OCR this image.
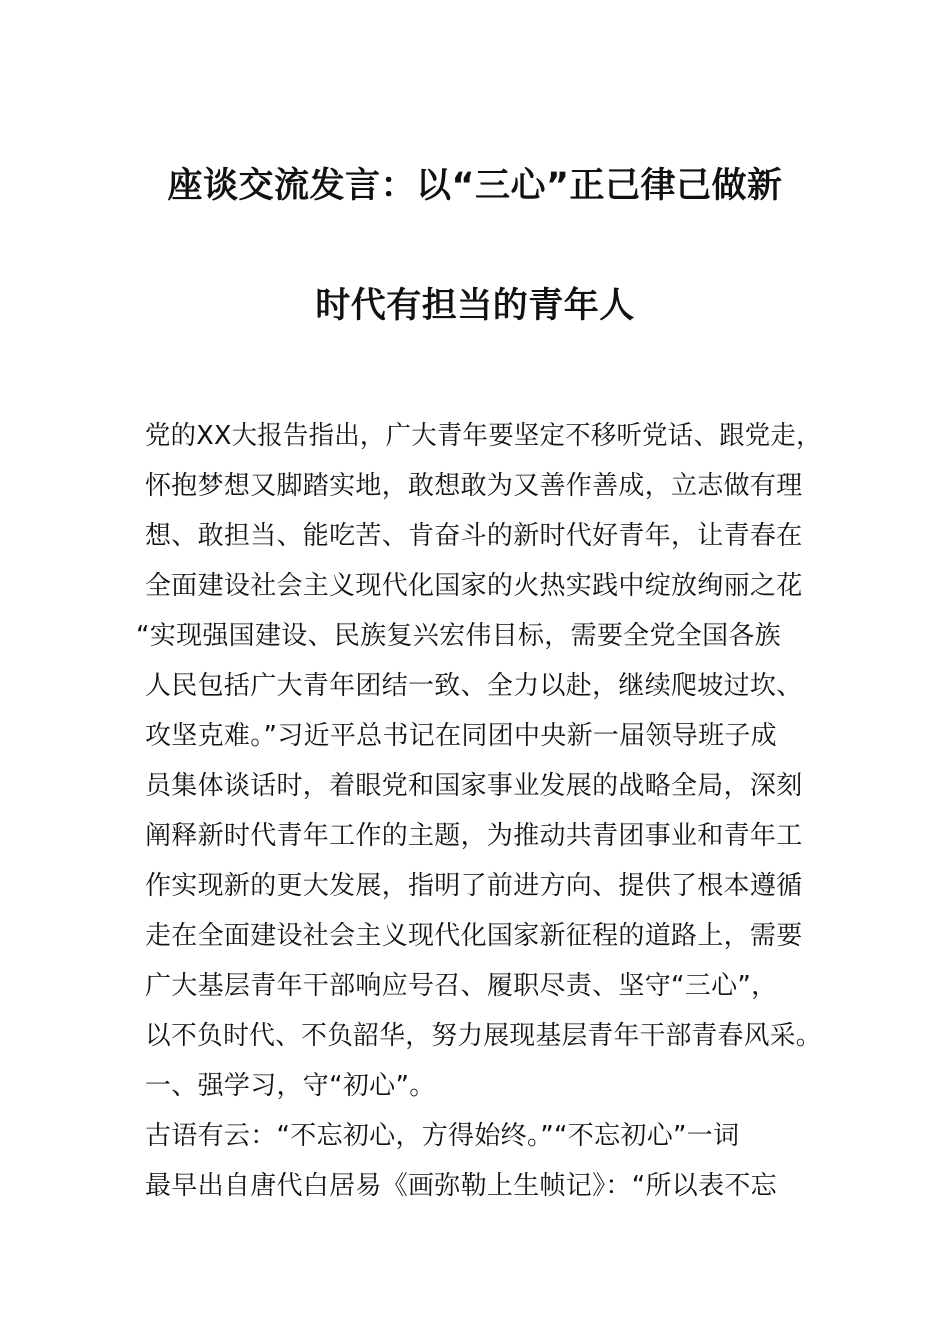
座谈交流发言：以“三心”正己律己做新
时代有担当的青年人
党的XX大报告指出，广大青年要坚定不移听党话、跟党走，
怀抱梦想又脚踏实地，敢想敢为又善作善成，立志做有理
想、敢担当、能吃苦、肯奋斗的新时代好青年，让青春在
全面建设社会主义现代化国家的火热实践中绽放绚丽之花
“实现强国建设、民族复兴宏伟目标，需要全党全国各族
人民包括广大青年团结一致、全力以赴，继续爬坡过坎、
攻坚克难。”习近平总书记在同团中央新一届领导班子成
员集体谈话时，着眼党和国家事业发展的战略全局，深刻
阐释新时代青年工作的主题，为推动共青团事业和青年工
作实现新的更大发展，指明了前进方向、提供了根本遵循
走在全面建设社会主义现代化国家新征程的道路上，需要
广大基层青年干部响应号召、履职尽责、坚守“三心”，
以不负时代、不负韶华，努力展现基层青年干部青春风采。
一、强学习，守“初心”。
古语有云：“不忘初心，方得始终。”“不忘初心”一词
最早出自唐代白居易《画弥勒上生帧记》：“所以表不忘
